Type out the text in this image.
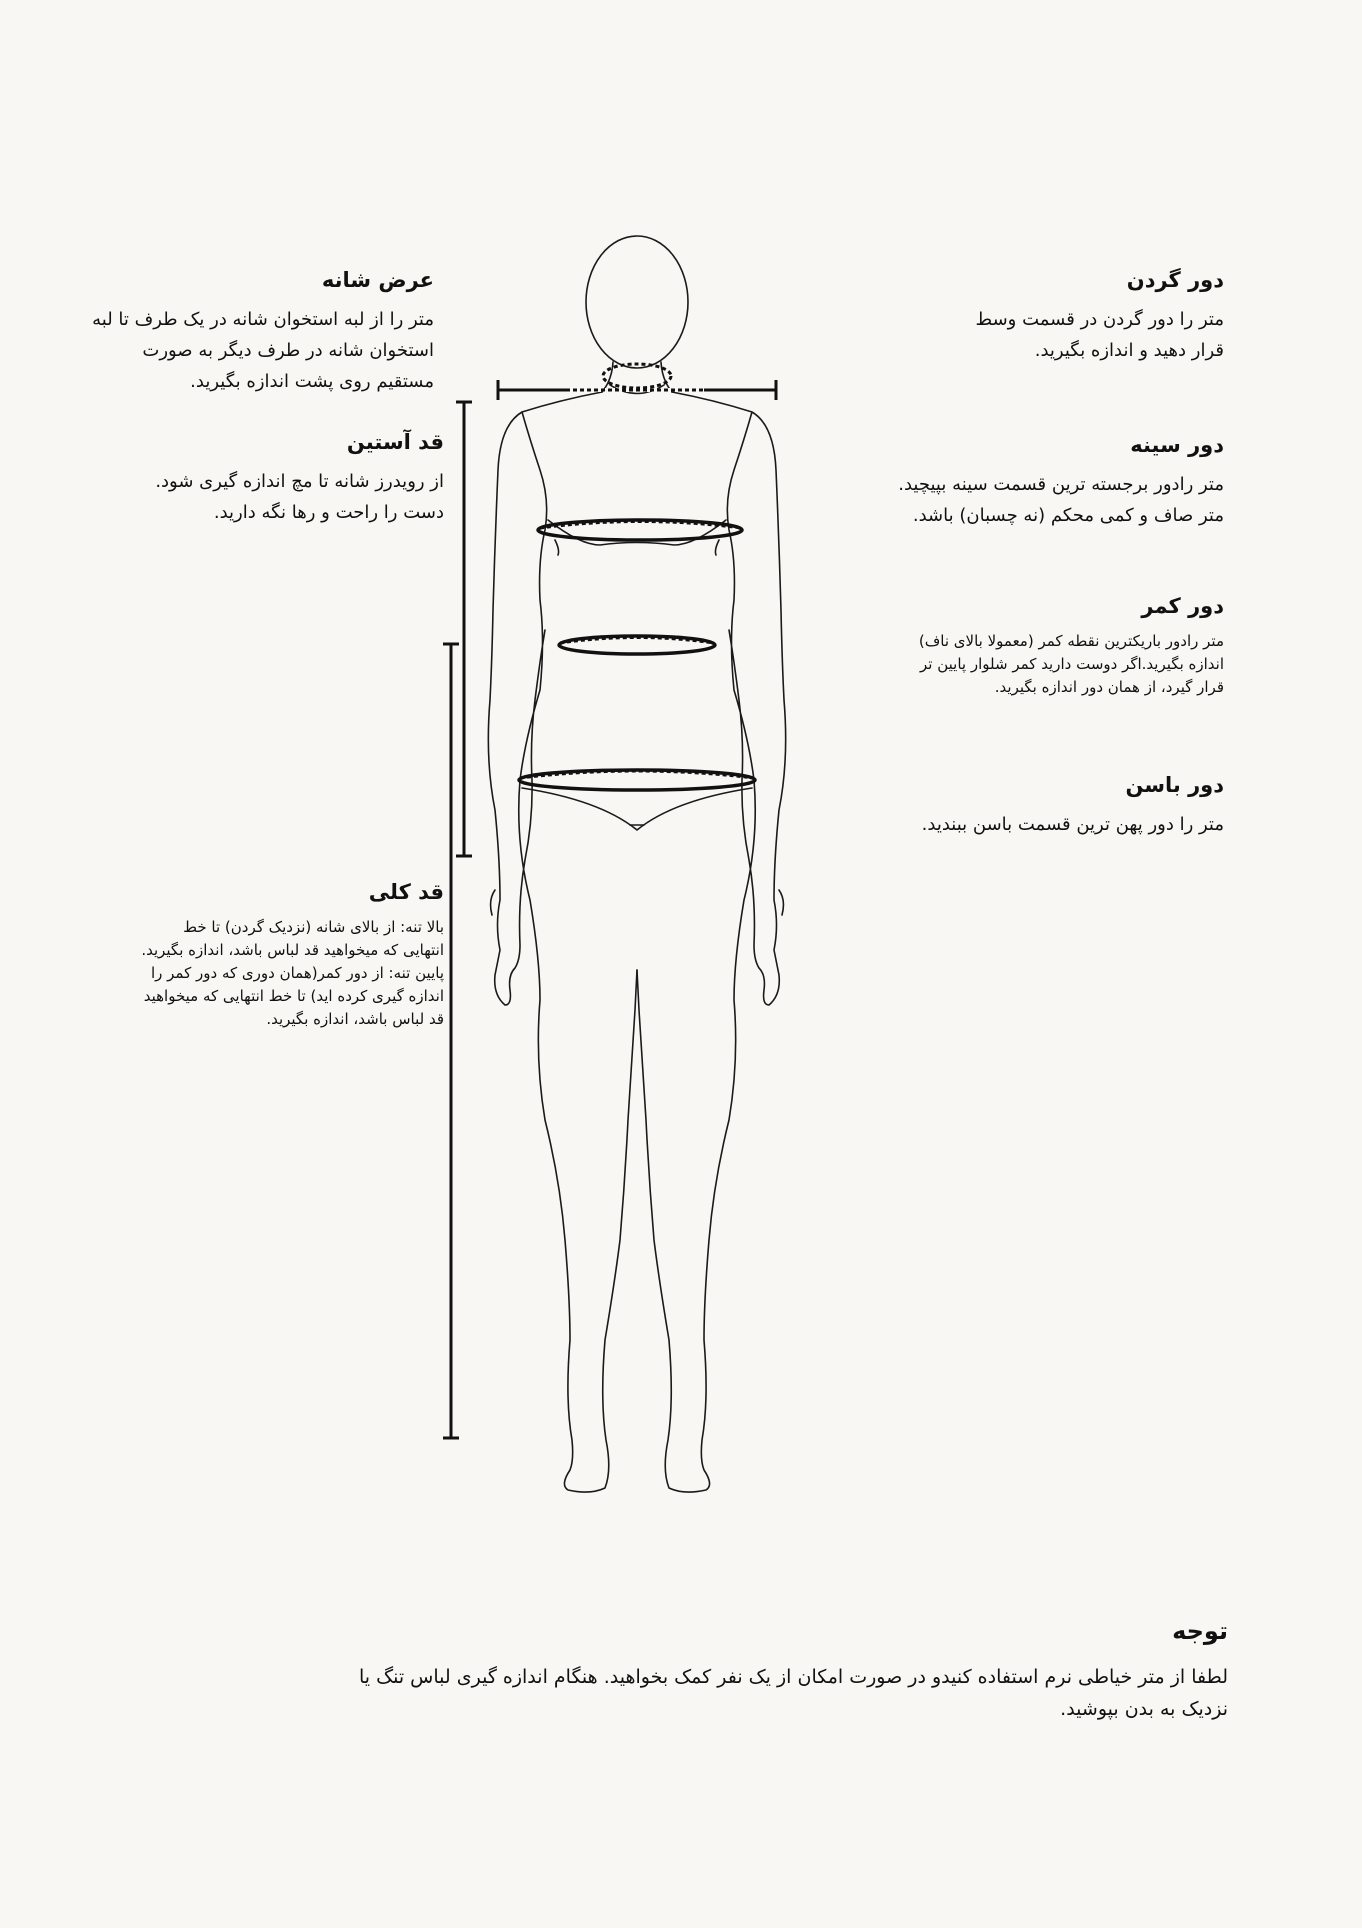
دور گردن
متر را دور گردن در قسمت وسط
قرار دهید و اندازه بگیرید.
دور سینه
متر رادور برجسته ترین قسمت سینه بپیچید.
متر صاف و کمی محکم (نه چسبان) باشد.
دور کمر
متر رادور باریکترین نقطه کمر (معمولا بالای ناف)
اندازه بگیرید.اگر دوست دارید کمر شلوار پایین تر
قرار گیرد، از همان دور اندازه بگیرید.
دور باسن
متر را دور پهن ترین قسمت باسن ببندید.
عرض شانه
متر را از لبه استخوان شانه در یک طرف تا لبه
استخوان شانه در طرف دیگر به صورت
مستقیم روی پشت اندازه بگیرید.
قد آستین
از رویدرز شانه تا مچ اندازه گیری شود.
دست را راحت و رها نگه دارید.
قد کلی
بالا تنه: از بالای شانه (نزدیک گردن) تا خط
انتهایی که میخواهید قد لباس باشد، اندازه بگیرید.
پایین تنه: از دور کمر(همان دوری که دور کمر را
اندازه گیری کرده اید) تا خط انتهایی که میخواهید
قد لباس باشد، اندازه بگیرید.
توجه
لطفا از متر خیاطی نرم استفاده کنیدو در صورت امکان از یک نفر کمک بخواهید. هنگام اندازه گیری لباس تنگ یا
نزدیک به بدن بپوشید.
